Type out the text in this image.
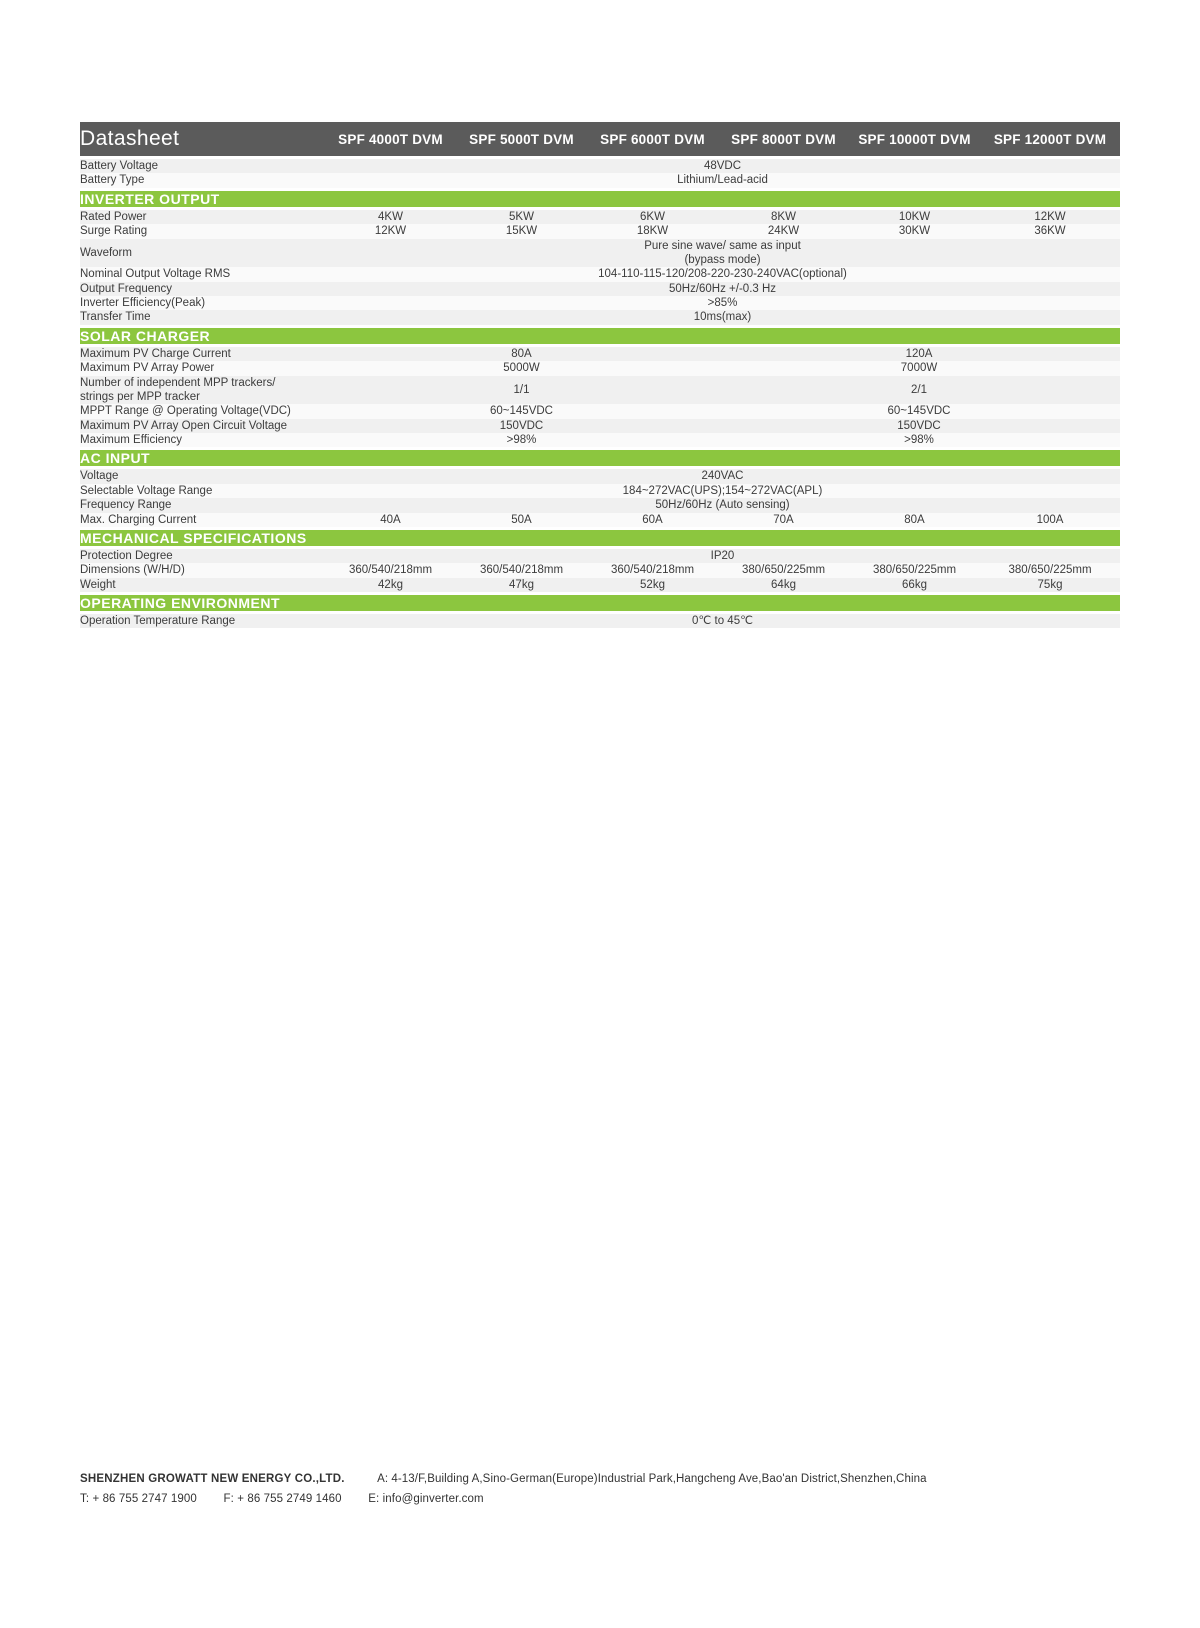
Datasheet	SPF 4000T DVM	SPF 5000T DVM	SPF 6000T DVM	SPF 8000T DVM	SPF 10000T DVM	SPF 12000T DVM

Battery Voltage	48VDC					
Battery Type	Lithium/Lead-acid					

INVERTER OUTPUT						

Rated Power	4KW	5KW	6KW	8KW	10KW	12KW
Surge Rating	12KW	15KW	18KW	24KW	30KW	36KW
Waveform	Pure sine wave/ same as input
(bypass mode)					
Nominal Output Voltage RMS	104-110-115-120/208-220-230-240VAC(optional)					
Output Frequency	50Hz/60Hz +/-0.3 Hz					
Inverter Efficiency(Peak)	>85%					
Transfer Time	10ms(max)					

SOLAR CHARGER						

Maximum PV Charge Current	80A			120A		
Maximum PV Array Power	5000W			7000W		
Number of independent MPP trackers/
strings per MPP tracker	1/1			2/1		
MPPT Range @ Operating Voltage(VDC)	60~145VDC			60~145VDC		
Maximum PV Array Open Circuit Voltage	150VDC			150VDC		
Maximum Efficiency	>98%			>98%		

AC INPUT						

Voltage	240VAC					
Selectable Voltage Range	184~272VAC(UPS);154~272VAC(APL)					
Frequency Range	50Hz/60Hz (Auto sensing)					
Max. Charging Current	40A	50A	60A	70A	80A	100A

MECHANICAL SPECIFICATIONS						

Protection Degree	IP20					
Dimensions (W/H/D)	360/540/218mm	360/540/218mm	360/540/218mm	380/650/225mm	380/650/225mm	380/650/225mm
Weight	42kg	47kg	52kg	64kg	66kg	75kg

OPERATING ENVIRONMENT						

Operation Temperature Range	0℃ to 45℃					

SHENZHEN GROWATT NEW ENERGY CO.,LTD.	A: 4-13/F,Building A,Sino-German(Europe)Industrial Park,Hangcheng Ave,Bao'an District,Shenzhen,China
T: + 86 755 2747 1900 F: + 86 755 2749 1460 E: info@ginverter.com
